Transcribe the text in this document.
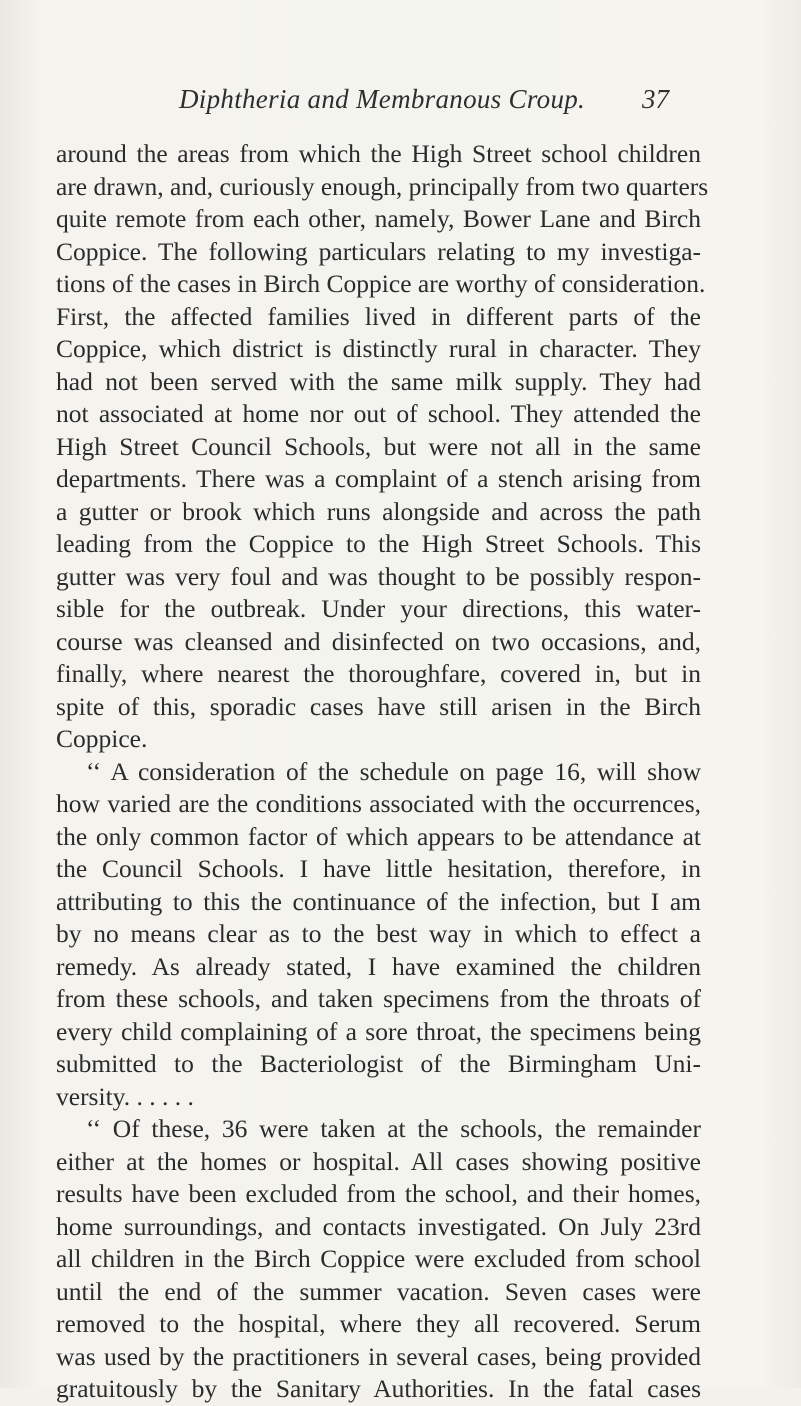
Diphtheria and Membranous Croup. 37
around the areas from which the High Street school children
are drawn, and, curiously enough, principally from two quarters
quite remote from each other, namely, Bower Lane and Birch
Coppice. The following particulars relating to my investiga-
tions of the cases in Birch Coppice are worthy of consideration.
First, the affected families lived in different parts of the
Coppice, which district is distinctly rural in character. They
had not been served with the same milk supply. They had
not associated at home nor out of school. They attended the
High Street Council Schools, but were not all in the same
departments. There was a complaint of a stench arising from
a gutter or brook which runs alongside and across the path
leading from the Coppice to the High Street Schools. This
gutter was very foul and was thought to be possibly respon-
sible for the outbreak. Under your directions, this water-
course was cleansed and disinfected on two occasions, and,
finally, where nearest the thoroughfare, covered in, but in
spite of this, sporadic cases have still arisen in the Birch
Coppice.
‘‘ A consideration of the schedule on page 16, will show
how varied are the conditions associated with the occurrences,
the only common factor of which appears to be attendance at
the Council Schools. I have little hesitation, therefore, in
attributing to this the continuance of the infection, but I am
by no means clear as to the best way in which to effect a
remedy. As already stated, I have examined the children
from these schools, and taken specimens from the throats of
every child complaining of a sore throat, the specimens being
submitted to the Bacteriologist of the Birmingham Uni-
versity. . . . . .
‘‘ Of these, 36 were taken at the schools, the remainder
either at the homes or hospital. All cases showing positive
results have been excluded from the school, and their homes,
home surroundings, and contacts investigated. On July 23rd
all children in the Birch Coppice were excluded from school
until the end of the summer vacation. Seven cases were
removed to the hospital, where they all recovered. Serum
was used by the practitioners in several cases, being provided
gratuitously by the Sanitary Authorities. In the fatal cases
